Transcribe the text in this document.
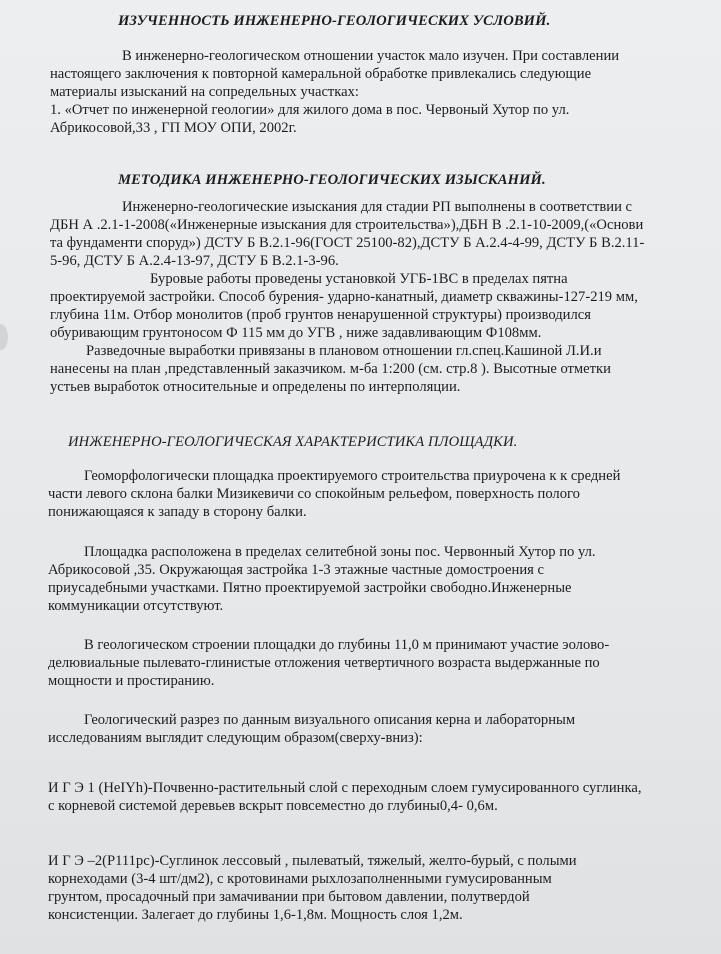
ИЗУЧЕННОСТЬ ИНЖЕНЕРНО-ГЕОЛОГИЧЕСКИХ УСЛОВИЙ.
В инженерно-геологическом отношении участок мало изучен. При составлении
настоящего заключения к повторной камеральной обработке привлекались следующие
материалы изысканий на сопредельных участках:
1. «Отчет по инженерной геологии» для жилого дома в пос. Червоный Хутор по ул.
Абрикосовой,33 , ГП МОУ ОПИ, 2002г.
МЕТОДИКА ИНЖЕНЕРНО-ГЕОЛОГИЧЕСКИХ ИЗЫСКАНИЙ.
Инженерно-геологические изыскания для стадии РП выполнены в соответствии с
ДБН А .2.1-1-2008(«Инженерные изыскания для строительства»),ДБН В .2.1-10-2009,(«Основи
та фундаменти споруд») ДСТУ Б В.2.1-96(ГОСТ 25100-82),ДСТУ Б А.2.4-4-99, ДСТУ Б В.2.11-
5-96, ДСТУ Б А.2.4-13-97, ДСТУ Б В.2.1-3-96.
Буровые работы проведены установкой УГБ-1ВС в пределах пятна
проектируемой застройки. Способ бурения- ударно-канатный, диаметр скважины-127-219 мм,
глубина 11м. Отбор монолитов (проб грунтов ненарушенной структуры) производился
обуривающим грунтоносом Ф 115 мм до УГВ , ниже задавливающим Ф108мм.
Разведочные выработки привязаны в плановом отношении гл.спец.Кашиной Л.И.и
нанесены на план ,представленный заказчиком. м-ба 1:200 (см. стр.8 ). Высотные отметки
устьев выработок относительные и определены по интерполяции.
ИНЖЕНЕРНО-ГЕОЛОГИЧЕСКАЯ ХАРАКТЕРИСТИКА ПЛОЩАДКИ.
Геоморфологически площадка проектируемого строительства приурочена к к средней
части левого склона балки Мизикевичи со спокойным рельефом, поверхность полого
понижающаяся к западу в сторону балки.
Площадка расположена в пределах селитебной зоны пос. Червонный Хутор по ул.
Абрикосовой ,35. Окружающая застройка 1-3 этажные частные домостроения с
приусадебными участками. Пятно проектируемой застройки свободно.Инженерные
коммуникации отсутствуют.
В геологическом строении площадки до глубины 11,0 м принимают участие эолово-
делювиальные пылевато-глинистые отложения четвертичного возраста выдержанные по
мощности и простиранию.
Геологический разрез по данным визуального описания керна и лабораторным
исследованиям выглядит следующим образом(сверху-вниз):
И Г Э 1 (НеIYh)-Почвенно-растительный слой с переходным слоем гумусированного суглинка,
с корневой системой деревьев вскрыт повсеместно до глубины0,4- 0,6м.
И Г Э –2(Р111рс)-Суглинок лессовый , пылеватый, тяжелый, желто-бурый, с полыми
корнеходами (3-4 шт/дм2), с кротовинами рыхлозаполненными гумусированным
грунтом, просадочный при замачивании при бытовом давлении, полутвердой
консистенции. Залегает до глубины 1,6-1,8м. Мощность слоя 1,2м.
